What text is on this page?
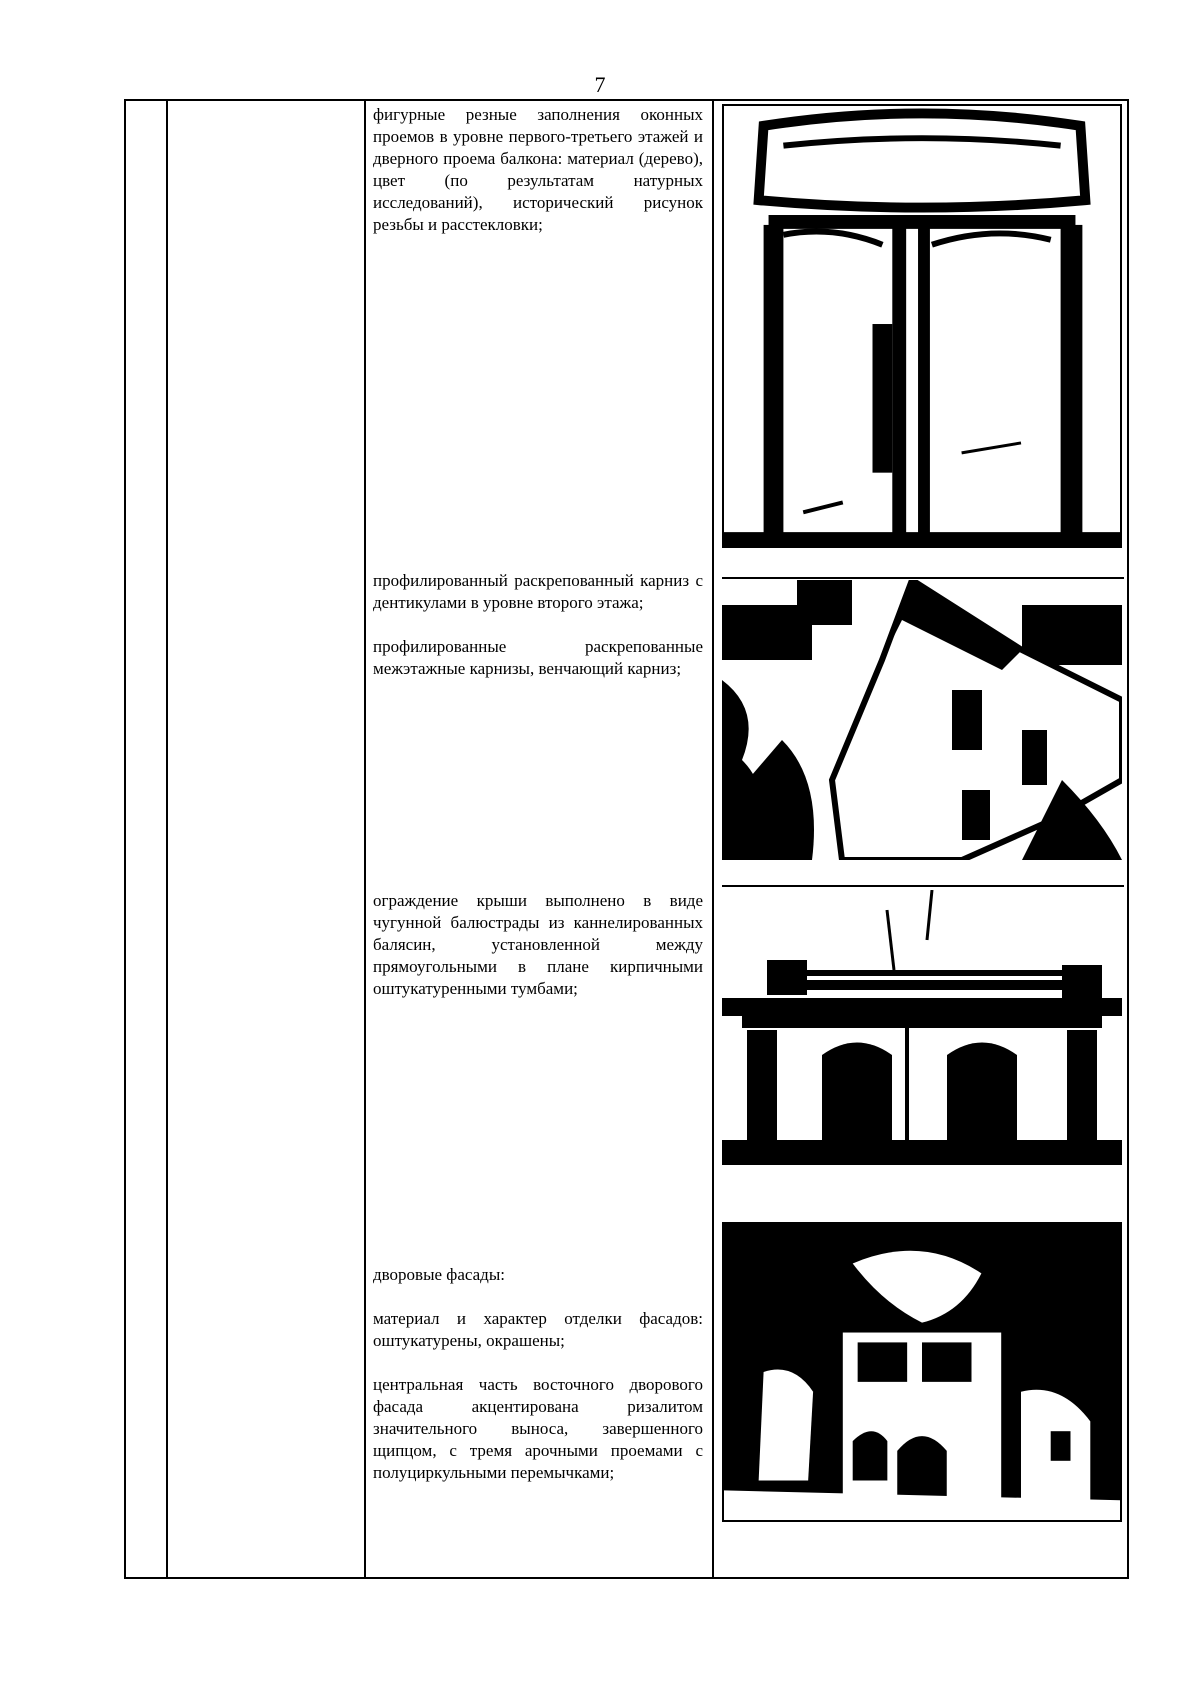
7

фигурные резные заполнения оконных проемов в уровне первого-третьего этажей и дверного проема балкона: материал (дерево), цвет (по результатам натурных исследований), исторический рисунок резьбы и расстекловки;

профилированный раскрепованный карниз с дентикулами в уровне второго этажа;

профилированные раскрепованные межэтажные карнизы, венчающий карниз;

ограждение крыши выполнено в виде чугунной балюстрады из каннелированных балясин, установленной между прямоугольными в плане кирпичными оштукатуренными тумбами;

дворовые фасады:

материал и характер отделки фасадов: оштукатурены, окрашены;

центральная часть восточного дворового фасада акцентирована ризалитом значительного выноса, завершенного щипцом, с тремя арочными проемами с полуциркульными перемычками;
